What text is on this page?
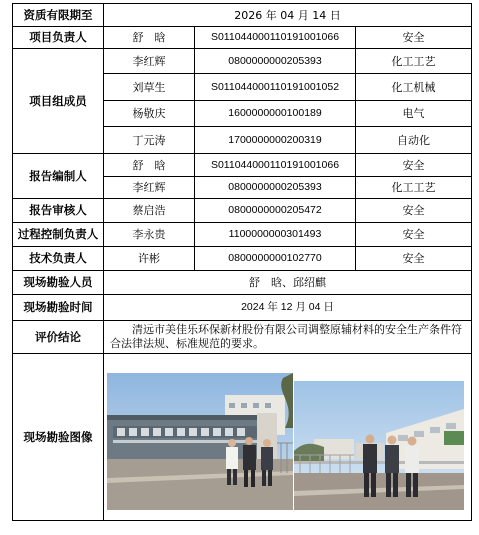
资质有限期至	2026 年 04 月 14 日		
项目负责人	舒　晗	S011044000110191001066	安全
项目组成员	李红辉	0800000000205393	化工工艺
	刘草生	S011044000110191001052	化工机械
	杨敬庆	1600000000100189	电气
	丁元涛	1700000000200319	自动化
报告编制人	舒　晗	S011044000110191001066	安全
	李红辉	0800000000205393	化工工艺
报告审核人	蔡启浩	0800000000205472	安全
过程控制负责人	李永贵	1100000000301493	安全
技术负责人	许彬	0800000000102770	安全
现场勘验人员	舒　晗、邱绍麒		
现场勘验时间	2024 年 12 月 04 日		
评价结论	清远市美佳乐环保新材股份有限公司调整原辅材料的安全生产条件符合法律法规、标准规范的要求。		
现场勘验图像			
